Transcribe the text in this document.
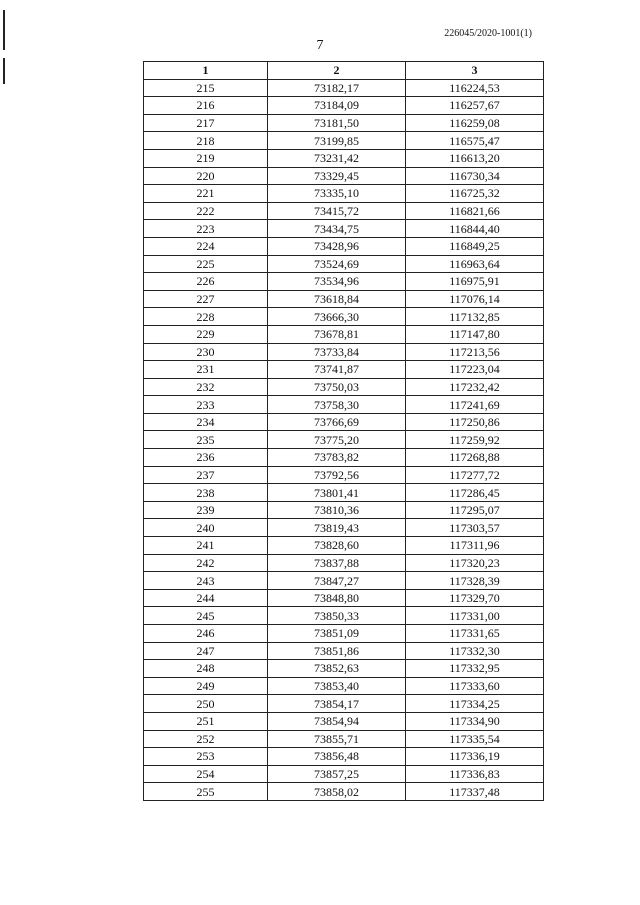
226045/2020-1001(1)
7
1	2	3
215	73182,17	116224,53
216	73184,09	116257,67
217	73181,50	116259,08
218	73199,85	116575,47
219	73231,42	116613,20
220	73329,45	116730,34
221	73335,10	116725,32
222	73415,72	116821,66
223	73434,75	116844,40
224	73428,96	116849,25
225	73524,69	116963,64
226	73534,96	116975,91
227	73618,84	117076,14
228	73666,30	117132,85
229	73678,81	117147,80
230	73733,84	117213,56
231	73741,87	117223,04
232	73750,03	117232,42
233	73758,30	117241,69
234	73766,69	117250,86
235	73775,20	117259,92
236	73783,82	117268,88
237	73792,56	117277,72
238	73801,41	117286,45
239	73810,36	117295,07
240	73819,43	117303,57
241	73828,60	117311,96
242	73837,88	117320,23
243	73847,27	117328,39
244	73848,80	117329,70
245	73850,33	117331,00
246	73851,09	117331,65
247	73851,86	117332,30
248	73852,63	117332,95
249	73853,40	117333,60
250	73854,17	117334,25
251	73854,94	117334,90
252	73855,71	117335,54
253	73856,48	117336,19
254	73857,25	117336,83
255	73858,02	117337,48
